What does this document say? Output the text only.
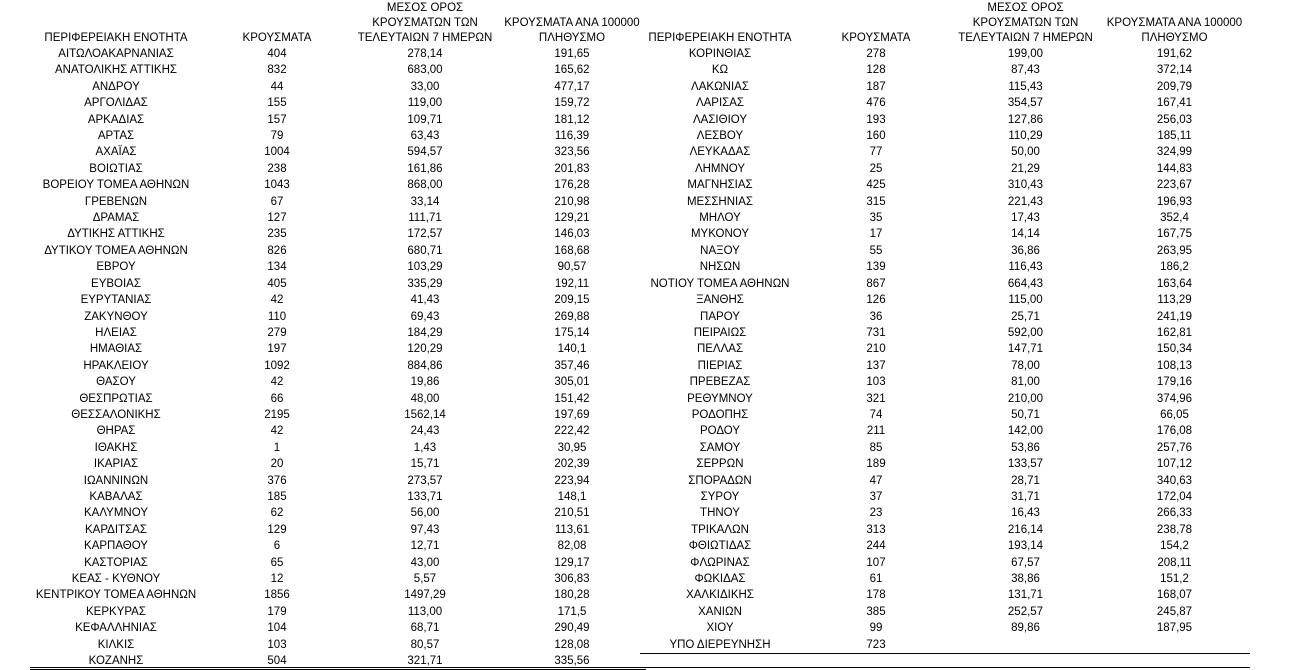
ΠΕΡΙΦΕΡΕΙΑΚΗ ΕΝΟΤΗΤΑ	ΚΡΟΥΣΜΑΤΑ	ΜΕΣΟΣ ΟΡΟΣ
ΚΡΟΥΣΜΑΤΩΝ ΤΩΝ
ΤΕΛΕΥΤΑΙΩΝ 7 ΗΜΕΡΩΝ	ΚΡΟΥΣΜΑΤΑ ΑΝΑ 100000
ΠΛΗΘΥΣΜΟ
ΑΙΤΩΛΟΑΚΑΡΝΑΝΙΑΣ	404	278,14	191,65
ΑΝΑΤΟΛΙΚΗΣ ΑΤΤΙΚΗΣ	832	683,00	165,62
ΑΝΔΡΟΥ	44	33,00	477,17
ΑΡΓΟΛΙΔΑΣ	155	119,00	159,72
ΑΡΚΑΔΙΑΣ	157	109,71	181,12
ΑΡΤΑΣ	79	63,43	116,39
ΑΧΑΪΑΣ	1004	594,57	323,56
ΒΟΙΩΤΙΑΣ	238	161,86	201,83
ΒΟΡΕΙΟΥ ΤΟΜΕΑ ΑΘΗΝΩΝ	1043	868,00	176,28
ΓΡΕΒΕΝΩΝ	67	33,14	210,98
ΔΡΑΜΑΣ	127	111,71	129,21
ΔΥΤΙΚΗΣ ΑΤΤΙΚΗΣ	235	172,57	146,03
ΔΥΤΙΚΟΥ ΤΟΜΕΑ ΑΘΗΝΩΝ	826	680,71	168,68
ΕΒΡΟΥ	134	103,29	90,57
ΕΥΒΟΙΑΣ	405	335,29	192,11
ΕΥΡΥΤΑΝΙΑΣ	42	41,43	209,15
ΖΑΚΥΝΘΟΥ	110	69,43	269,88
ΗΛΕΙΑΣ	279	184,29	175,14
ΗΜΑΘΙΑΣ	197	120,29	140,1
ΗΡΑΚΛΕΙΟΥ	1092	884,86	357,46
ΘΑΣΟΥ	42	19,86	305,01
ΘΕΣΠΡΩΤΙΑΣ	66	48,00	151,42
ΘΕΣΣΑΛΟΝΙΚΗΣ	2195	1562,14	197,69
ΘΗΡΑΣ	42	24,43	222,42
ΙΘΑΚΗΣ	1	1,43	30,95
ΙΚΑΡΙΑΣ	20	15,71	202,39
ΙΩΑΝΝΙΝΩΝ	376	273,57	223,94
ΚΑΒΑΛΑΣ	185	133,71	148,1
ΚΑΛΥΜΝΟΥ	62	56,00	210,51
ΚΑΡΔΙΤΣΑΣ	129	97,43	113,61
ΚΑΡΠΑΘΟΥ	6	12,71	82,08
ΚΑΣΤΟΡΙΑΣ	65	43,00	129,17
ΚΕΑΣ - ΚΥΘΝΟΥ	12	5,57	306,83
ΚΕΝΤΡΙΚΟΥ ΤΟΜΕΑ ΑΘΗΝΩΝ	1856	1497,29	180,28
ΚΕΡΚΥΡΑΣ	179	113,00	171,5
ΚΕΦΑΛΛΗΝΙΑΣ	104	68,71	290,49
ΚΙΛΚΙΣ	103	80,57	128,08
ΚΟΖΑΝΗΣ	504	321,71	335,56
ΠΕΡΙΦΕΡΕΙΑΚΗ ΕΝΟΤΗΤΑ	ΚΡΟΥΣΜΑΤΑ	ΜΕΣΟΣ ΟΡΟΣ
ΚΡΟΥΣΜΑΤΩΝ ΤΩΝ
ΤΕΛΕΥΤΑΙΩΝ 7 ΗΜΕΡΩΝ	ΚΡΟΥΣΜΑΤΑ ΑΝΑ 100000
ΠΛΗΘΥΣΜΟ
ΚΟΡΙΝΘΙΑΣ	278	199,00	191,62
ΚΩ	128	87,43	372,14
ΛΑΚΩΝΙΑΣ	187	115,43	209,79
ΛΑΡΙΣΑΣ	476	354,57	167,41
ΛΑΣΙΘΙΟΥ	193	127,86	256,03
ΛΕΣΒΟΥ	160	110,29	185,11
ΛΕΥΚΑΔΑΣ	77	50,00	324,99
ΛΗΜΝΟΥ	25	21,29	144,83
ΜΑΓΝΗΣΙΑΣ	425	310,43	223,67
ΜΕΣΣΗΝΙΑΣ	315	221,43	196,93
ΜΗΛΟΥ	35	17,43	352,4
ΜΥΚΟΝΟΥ	17	14,14	167,75
ΝΑΞΟΥ	55	36,86	263,95
ΝΗΣΩΝ	139	116,43	186,2
ΝΟΤΙΟΥ ΤΟΜΕΑ ΑΘΗΝΩΝ	867	664,43	163,64
ΞΑΝΘΗΣ	126	115,00	113,29
ΠΑΡΟΥ	36	25,71	241,19
ΠΕΙΡΑΙΩΣ	731	592,00	162,81
ΠΕΛΛΑΣ	210	147,71	150,34
ΠΙΕΡΙΑΣ	137	78,00	108,13
ΠΡΕΒΕΖΑΣ	103	81,00	179,16
ΡΕΘΥΜΝΟΥ	321	210,00	374,96
ΡΟΔΟΠΗΣ	74	50,71	66,05
ΡΟΔΟΥ	211	142,00	176,08
ΣΑΜΟΥ	85	53,86	257,76
ΣΕΡΡΩΝ	189	133,57	107,12
ΣΠΟΡΑΔΩΝ	47	28,71	340,63
ΣΥΡΟΥ	37	31,71	172,04
ΤΗΝΟΥ	23	16,43	266,33
ΤΡΙΚΑΛΩΝ	313	216,14	238,78
ΦΘΙΩΤΙΔΑΣ	244	193,14	154,2
ΦΛΩΡΙΝΑΣ	107	67,57	208,11
ΦΩΚΙΔΑΣ	61	38,86	151,2
ΧΑΛΚΙΔΙΚΗΣ	178	131,71	168,07
ΧΑΝΙΩΝ	385	252,57	245,87
ΧΙΟΥ	99	89,86	187,95
ΥΠΟ ΔΙΕΡΕΥΝΗΣΗ	723		
